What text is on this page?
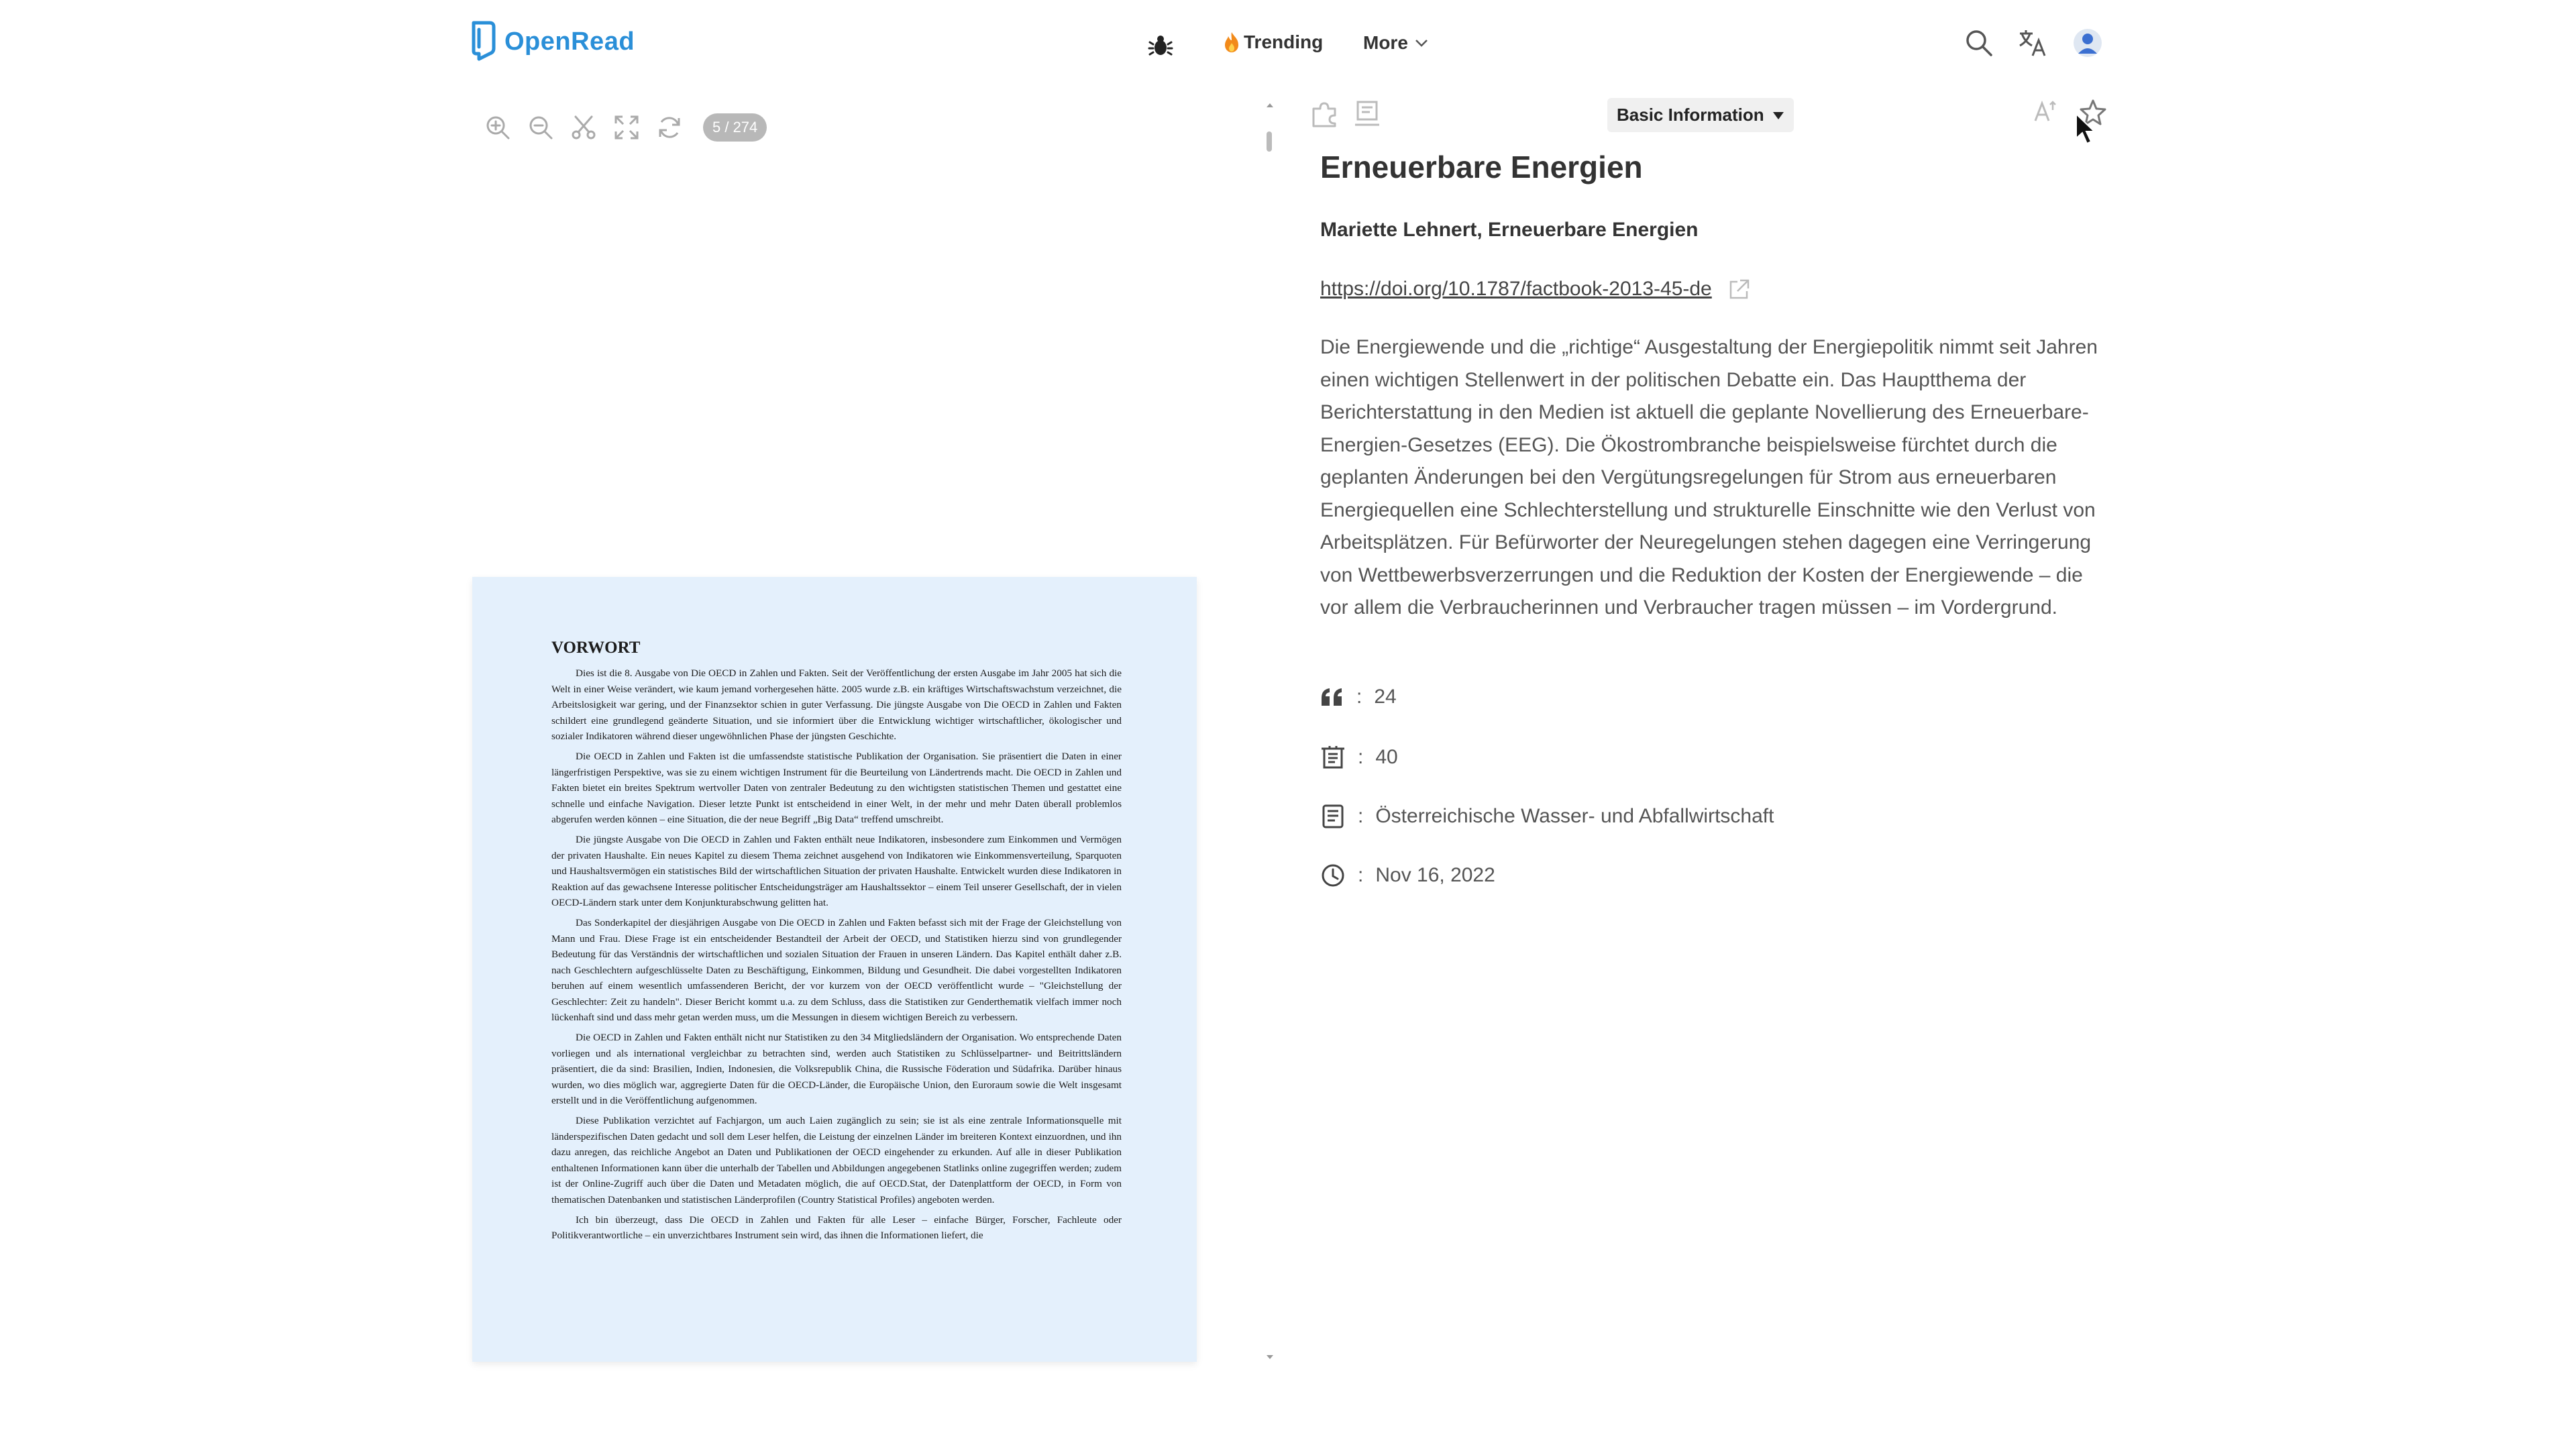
OpenRead	Trending More
5 / 274

VORWORT

Dies ist die 8. Ausgabe von Die OECD in Zahlen und Fakten. Seit der Veröffentlichung der ersten Ausgabe im Jahr 2005 hat sich die Welt in einer Weise verändert, wie kaum jemand vorhergesehen hätte. 2005 wurde z.B. ein kräftiges Wirtschaftswachstum verzeichnet, die Arbeitslosigkeit war gering, und der Finanzsektor schien in guter Verfassung. Die jüngste Ausgabe von Die OECD in Zahlen und Fakten schildert eine grundlegend geänderte Situation, und sie informiert über die Entwicklung wichtiger wirtschaftlicher, ökologischer und sozialer Indikatoren während dieser ungewöhnlichen Phase der jüngsten Geschichte.

Die OECD in Zahlen und Fakten ist die umfassendste statistische Publikation der Organisation. Sie präsentiert die Daten in einer längerfristigen Perspektive, was sie zu einem wichtigen Instrument für die Beurteilung von Ländertrends macht. Die OECD in Zahlen und Fakten bietet ein breites Spektrum wertvoller Daten von zentraler Bedeutung zu den wichtigsten statistischen Themen und gestattet eine schnelle und einfache Navigation. Dieser letzte Punkt ist entscheidend in einer Welt, in der mehr und mehr Daten überall problemlos abgerufen werden können – eine Situation, die der neue Begriff „Big Data“ treffend umschreibt.

Die jüngste Ausgabe von Die OECD in Zahlen und Fakten enthält neue Indikatoren, insbesondere zum Einkommen und Vermögen der privaten Haushalte. Ein neues Kapitel zu diesem Thema zeichnet ausgehend von Indikatoren wie Einkommensverteilung, Sparquoten und Haushaltsvermögen ein statistisches Bild der wirtschaftlichen Situation der privaten Haushalte. Entwickelt wurden diese Indikatoren in Reaktion auf das gewachsene Interesse politischer Entscheidungsträger am Haushaltssektor – einem Teil unserer Gesellschaft, der in vielen OECD-Ländern stark unter dem Konjunkturabschwung gelitten hat.

Das Sonderkapitel der diesjährigen Ausgabe von Die OECD in Zahlen und Fakten befasst sich mit der Frage der Gleichstellung von Mann und Frau. Diese Frage ist ein entscheidender Bestandteil der Arbeit der OECD, und Statistiken hierzu sind von grundlegender Bedeutung für das Verständnis der wirtschaftlichen und sozialen Situation der Frauen in unseren Ländern. Das Kapitel enthält daher z.B. nach Geschlechtern aufgeschlüsselte Daten zu Beschäftigung, Einkommen, Bildung und Gesundheit. Die dabei vorgestellten Indikatoren beruhen auf einem wesentlich umfassenderen Bericht, der vor kurzem von der OECD veröffentlicht wurde – "Gleichstellung der Geschlechter: Zeit zu handeln". Dieser Bericht kommt u.a. zu dem Schluss, dass die Statistiken zur Genderthematik vielfach immer noch lückenhaft sind und dass mehr getan werden muss, um die Messungen in diesem wichtigen Bereich zu verbessern.

Die OECD in Zahlen und Fakten enthält nicht nur Statistiken zu den 34 Mitgliedsländern der Organisation. Wo entsprechende Daten vorliegen und als international vergleichbar zu betrachten sind, werden auch Statistiken zu Schlüsselpartner- und Beitrittsländern präsentiert, die da sind: Brasilien, Indien, Indonesien, die Volksrepublik China, die Russische Föderation und Südafrika. Darüber hinaus wurden, wo dies möglich war, aggregierte Daten für die OECD-Länder, die Europäische Union, den Euroraum sowie die Welt insgesamt erstellt und in die Veröffentlichung aufgenommen.

Diese Publikation verzichtet auf Fachjargon, um auch Laien zugänglich zu sein; sie ist als eine zentrale Informationsquelle mit länderspezifischen Daten gedacht und soll dem Leser helfen, die Leistung der einzelnen Länder im breiteren Kontext einzuordnen, und ihn dazu anregen, das reichliche Angebot an Daten und Publikationen der OECD eingehender zu erkunden. Auf alle in dieser Publikation enthaltenen Informationen kann über die unterhalb der Tabellen und Abbildungen angegebenen Statlinks online zugegriffen werden; zudem ist der Online-Zugriff auch über die Daten und Metadaten möglich, die auf OECD.Stat, der Datenplattform der OECD, in Form von thematischen Datenbanken und statistischen Länderprofilen (Country Statistical Profiles) angeboten werden.

Ich bin überzeugt, dass Die OECD in Zahlen und Fakten für alle Leser – einfache Bürger, Forscher, Fachleute oder Politikverantwortliche – ein unverzichtbares Instrument sein wird, das ihnen die Informationen liefert, die

Basic Information
Erneuerbare Energien
Mariette Lehnert, Erneuerbare Energien
https://doi.org/10.1787/factbook-2013-45-de
Die Energiewende und die „richtige“ Ausgestaltung der Energiepolitik nimmt seit Jahren einen wichtigen Stellenwert in der politischen Debatte ein. Das Hauptthema der Berichterstattung in den Medien ist aktuell die geplante Novellierung des Erneuerbare-Energien-Gesetzes (EEG). Die Ökostrombranche beispielsweise fürchtet durch die geplanten Änderungen bei den Vergütungsregelungen für Strom aus erneuerbaren Energiequellen eine Schlechterstellung und strukturelle Einschnitte wie den Verlust von Arbeitsplätzen. Für Befürworter der Neuregelungen stehen dagegen eine Verringerung von Wettbewerbsverzerrungen und die Reduktion der Kosten der Energiewende – die vor allem die Verbraucherinnen und Verbraucher tragen müssen – im Vordergrund.
: 24
: 40
: Österreichische Wasser- und Abfallwirtschaft
: Nov 16, 2022
